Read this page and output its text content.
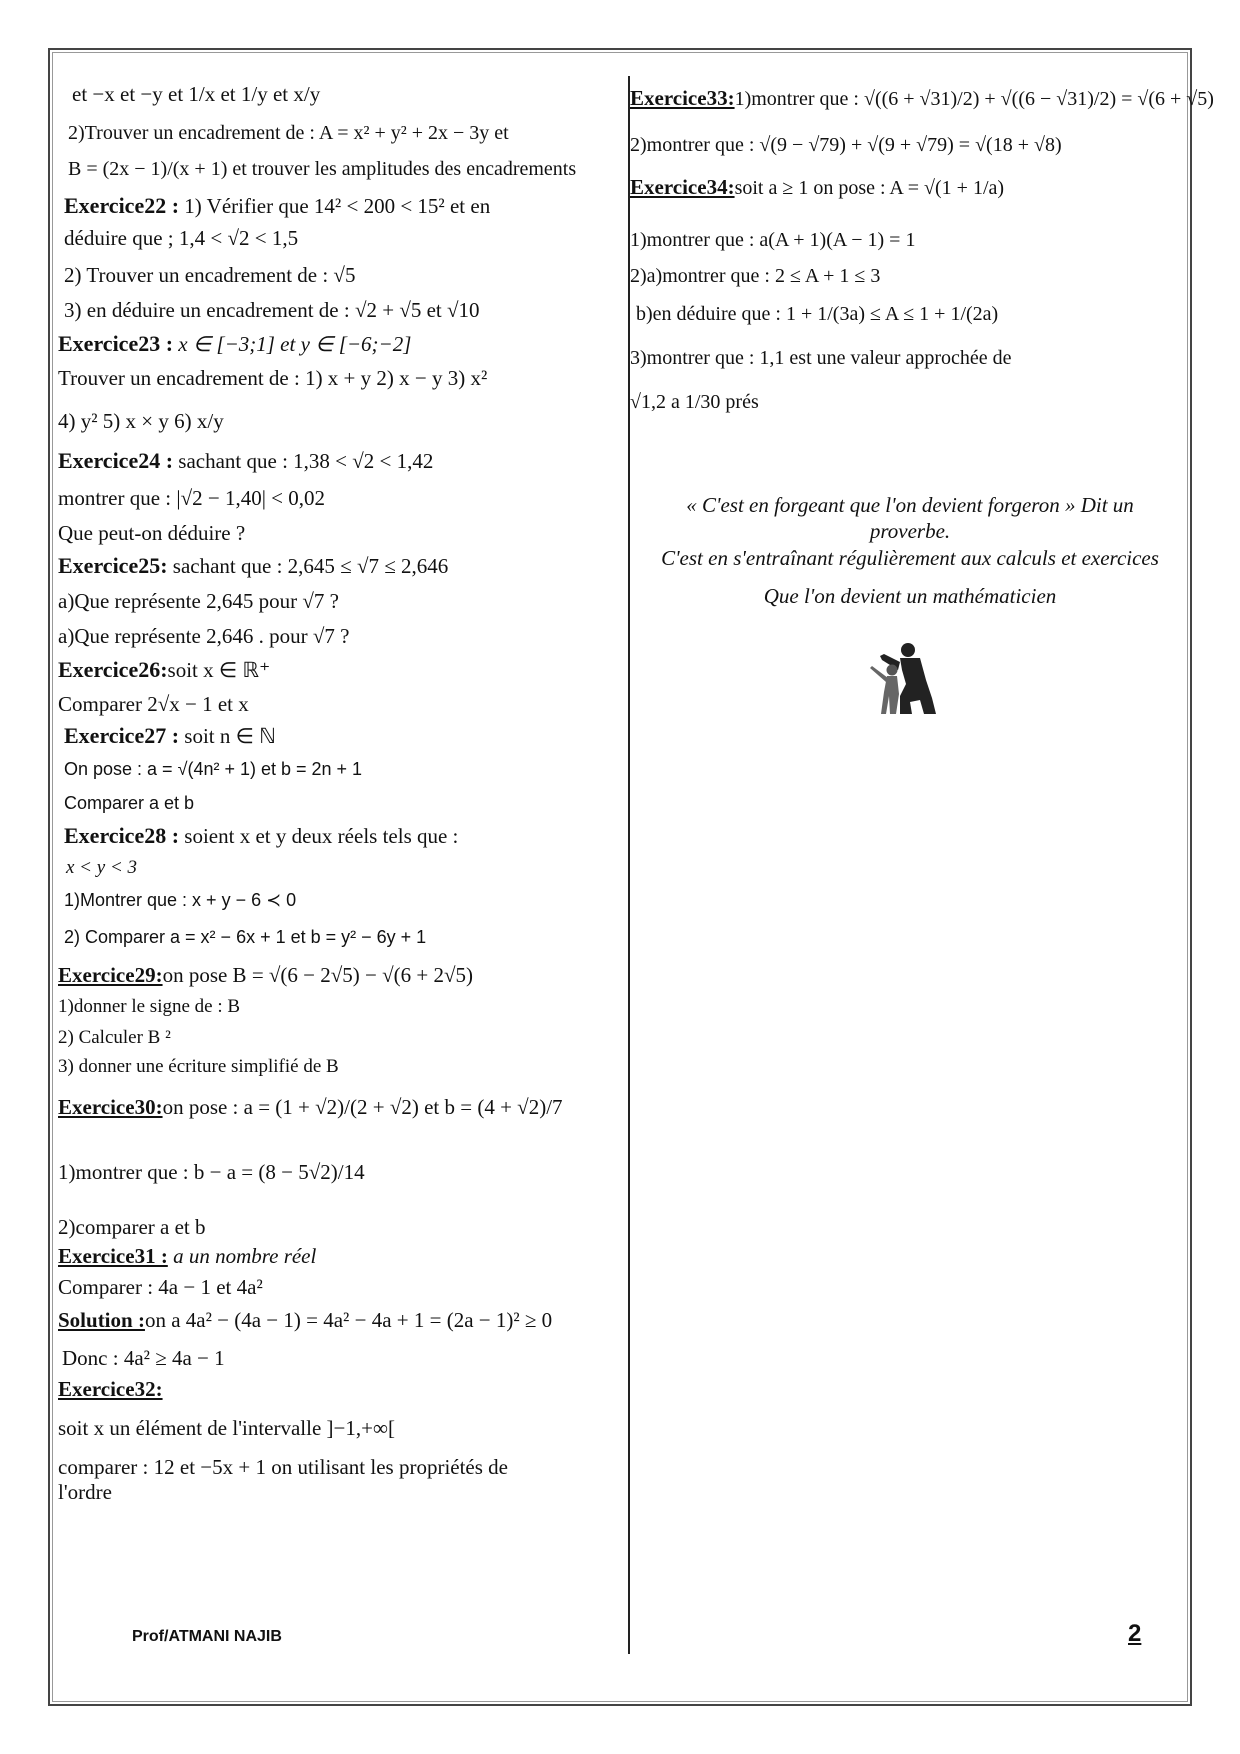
et −x et −y et 1/x et 1/y et x/y

2)Trouver un encadrement de : A = x² + y² + 2x − 3y et

B = (2x − 1)/(x + 1) et trouver les amplitudes des encadrements

Exercice22 : 1) Vérifier que 14² < 200 < 15² et en

déduire que ; 1,4 < √2 < 1,5

2) Trouver un encadrement de : √5

3) en déduire un encadrement de : √2 + √5 et √10

Exercice23 : x ∈ [−3;1] et y ∈ [−6;−2]

Trouver un encadrement de : 1) x + y 2) x − y 3) x²

4) y² 5) x × y 6) x/y

Exercice24 : sachant que : 1,38 < √2 < 1,42

montrer que : |√2 − 1,40| < 0,02

Que peut-on déduire ?

Exercice25: sachant que : 2,645 ≤ √7 ≤ 2,646

a)Que représente 2,645 pour √7 ?

a)Que représente 2,646 . pour √7 ?

Exercice26:soit x ∈ ℝ⁺

Comparer 2√x − 1 et x

Exercice27 : soit n ∈ ℕ

On pose : a = √(4n² + 1) et b = 2n + 1

Comparer a et b

Exercice28 : soient x et y deux réels tels que :

x < y < 3

1)Montrer que : x + y − 6 ≺ 0

2) Comparer a = x² − 6x + 1 et b = y² − 6y + 1

Exercice29:on pose B = √(6 − 2√5) − √(6 + 2√5)

1)donner le signe de : B

2) Calculer B ²

3) donner une écriture simplifié de B

Exercice30:on pose : a = (1 + √2)/(2 + √2) et b = (4 + √2)/7

1)montrer que : b − a = (8 − 5√2)/14

2)comparer a et b

Exercice31 : a un nombre réel

Comparer : 4a − 1 et 4a²

Solution :on a 4a² − (4a − 1) = 4a² − 4a + 1 = (2a − 1)² ≥ 0

Donc : 4a² ≥ 4a − 1

Exercice32:

soit x un élément de l'intervalle ]−1,+∞[

comparer : 12 et −5x + 1 on utilisant les propriétés de

l'ordre

Exercice33:1)montrer que : √((6 + √31)/2) + √((6 − √31)/2) = √(6 + √5)

2)montrer que : √(9 − √79) + √(9 + √79) = √(18 + √8)

Exercice34:soit a ≥ 1 on pose : A = √(1 + 1/a)

1)montrer que : a(A + 1)(A − 1) = 1

2)a)montrer que : 2 ≤ A + 1 ≤ 3

b)en déduire que : 1 + 1/(3a) ≤ A ≤ 1 + 1/(2a)

3)montrer que : 1,1 est une valeur approchée de

√1,2 a 1/30 prés

« C'est en forgeant que l'on devient forgeron » Dit un
proverbe.
C'est en s'entraînant régulièrement aux calculs et exercices
Que l'on devient un mathématicien
Prof/ATMANI NAJIB	2
